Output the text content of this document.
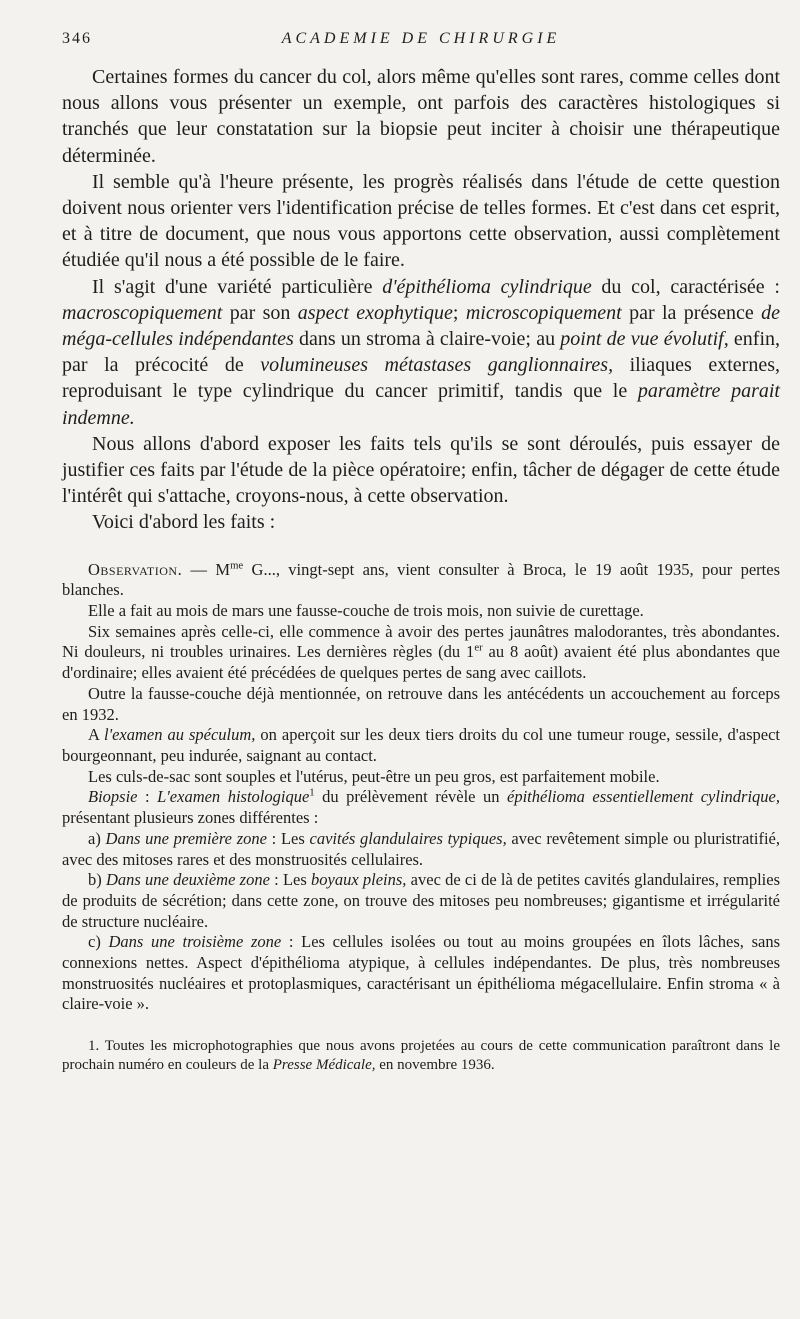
346	ACADEMIE DE CHIRURGIE

Certaines formes du cancer du col, alors même qu'elles sont rares, comme celles dont nous allons vous présenter un exemple, ont parfois des caractères histologiques si tranchés que leur constatation sur la biopsie peut inciter à choisir une thérapeutique déterminée.

Il semble qu'à l'heure présente, les progrès réalisés dans l'étude de cette question doivent nous orienter vers l'identification précise de telles formes. Et c'est dans cet esprit, et à titre de document, que nous vous apportons cette observation, aussi complètement étudiée qu'il nous a été possible de le faire.

Il s'agit d'une variété particulière d'épithélioma cylindrique du col, caractérisée : macroscopiquement par son aspect exophytique; microscopiquement par la présence de méga-cellules indépendantes dans un stroma à claire-voie; au point de vue évolutif, enfin, par la précocité de volumineuses métastases ganglionnaires, iliaques externes, reproduisant le type cylindrique du cancer primitif, tandis que le paramètre parait indemne.

Nous allons d'abord exposer les faits tels qu'ils se sont déroulés, puis essayer de justifier ces faits par l'étude de la pièce opératoire; enfin, tâcher de dégager de cette étude l'intérêt qui s'attache, croyons-nous, à cette observation.

Voici d'abord les faits :

Observation. — $M^{me}$ G..., vingt-sept ans, vient consulter à Broca, le 19 août 1935, pour pertes blanches.

Elle a fait au mois de mars une fausse-couche de trois mois, non suivie de curettage.

Six semaines après celle-ci, elle commence à avoir des pertes jaunâtres malodorantes, très abondantes. Ni douleurs, ni troubles urinaires. Les dernières règles (du 1er au 8 août) avaient été plus abondantes que d'ordinaire; elles avaient été précédées de quelques pertes de sang avec caillots.

Outre la fausse-couche déjà mentionnée, on retrouve dans les antécédents un accouchement au forceps en 1932.

A l'examen au spéculum, on aperçoit sur les deux tiers droits du col une tumeur rouge, sessile, d'aspect bourgeonnant, peu indurée, saignant au contact.

Les culs-de-sac sont souples et l'utérus, peut-être un peu gros, est parfaitement mobile.

Biopsie : L'examen histologique$^1$ du prélèvement révèle un épithélioma essentiellement cylindrique, présentant plusieurs zones différentes :

a) Dans une première zone : Les cavités glandulaires typiques, avec revêtement simple ou pluristratifié, avec des mitoses rares et des monstruosités cellulaires.

b) Dans une deuxième zone : Les boyaux pleins, avec de ci de là de petites cavités glandulaires, remplies de produits de sécrétion; dans cette zone, on trouve des mitoses peu nombreuses; gigantisme et irrégularité de structure nucléaire.

c) Dans une troisième zone : Les cellules isolées ou tout au moins groupées en îlots lâches, sans connexions nettes. Aspect d'épithélioma atypique, à cellules indépendantes. De plus, très nombreuses monstruosités nucléaires et protoplasmiques, caractérisant un épithélioma mégacellulaire. Enfin stroma « à claire-voie ».

1. Toutes les microphotographies que nous avons projetées au cours de cette communication paraîtront dans le prochain numéro en couleurs de la Presse Médicale, en novembre 1936.
